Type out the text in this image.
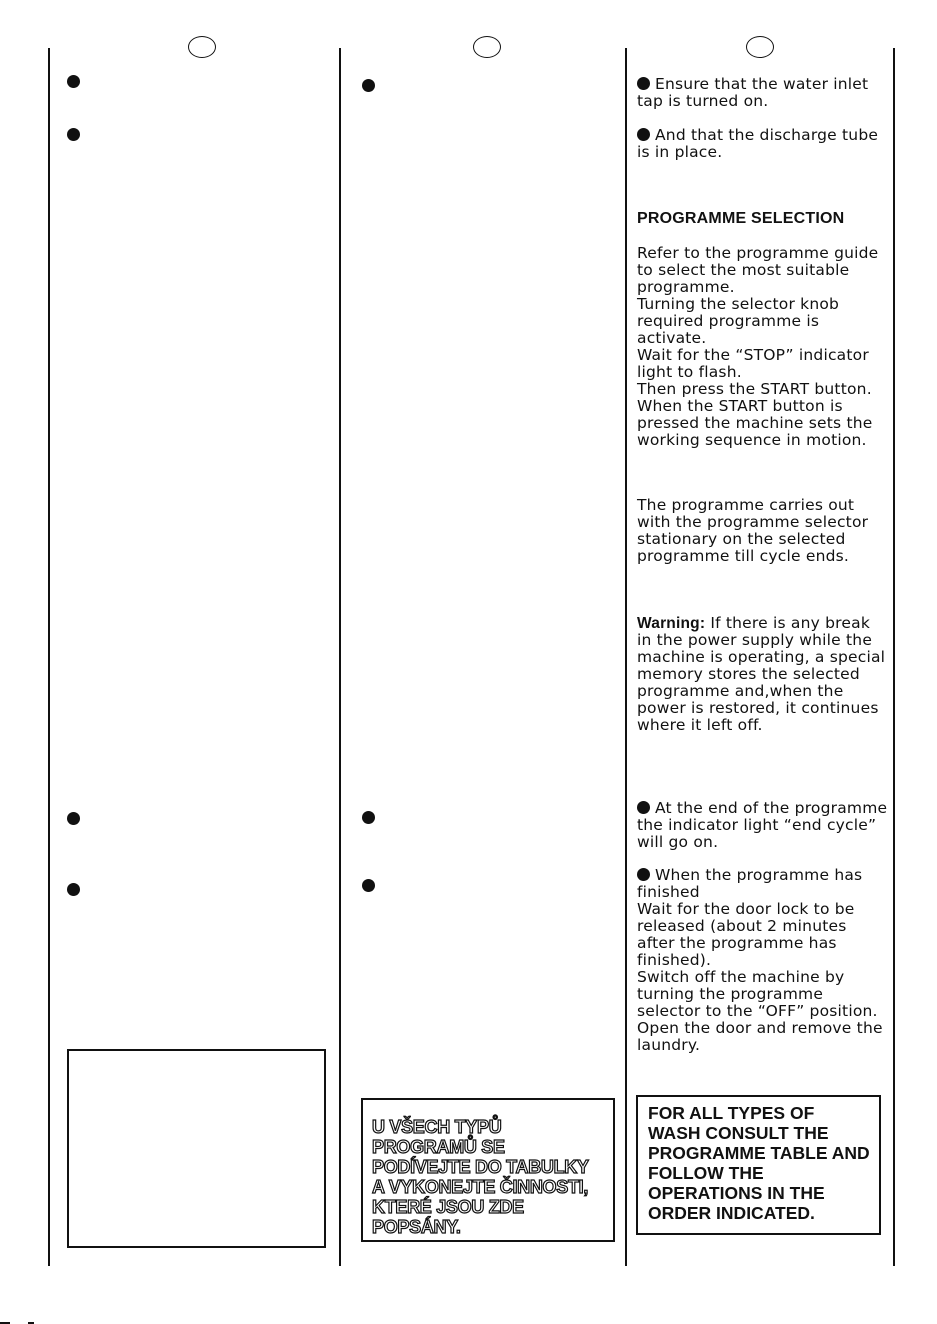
U VŠECH TYPŮ
PROGRAMŮ SE
PODÍVEJTE DO TABULKY
A VYKONEJTE ČINNOSTI,
KTERÉ JSOU ZDE
POPSÁNY.

Ensure that the water inlet tap is turned on.

And that the discharge tube is in place.

PROGRAMME SELECTION

Refer to the programme guide to select the most suitable programme.

Turning the selector knob required programme is activate.

Wait for the “STOP” indicator light to flash.

Then press the START button.

When the START button is pressed the machine sets the working sequence in motion.

The programme carries out with the programme selector stationary on the selected programme till cycle ends.
Warning: If there is any break in the power supply while the machine is operating, a special memory stores the selected programme and,when the power is restored, it continues where it left off.

At the end of the programme the indicator light “end cycle” will go on.

When the programme has finished

Wait for the door lock to be released (about 2 minutes after the programme has finished).

Switch off the machine by turning the programme selector to the “OFF” position.

Open the door and remove the laundry.

FOR ALL TYPES OF WASH CONSULT THE PROGRAMME TABLE AND FOLLOW THE OPERATIONS IN THE ORDER INDICATED.
